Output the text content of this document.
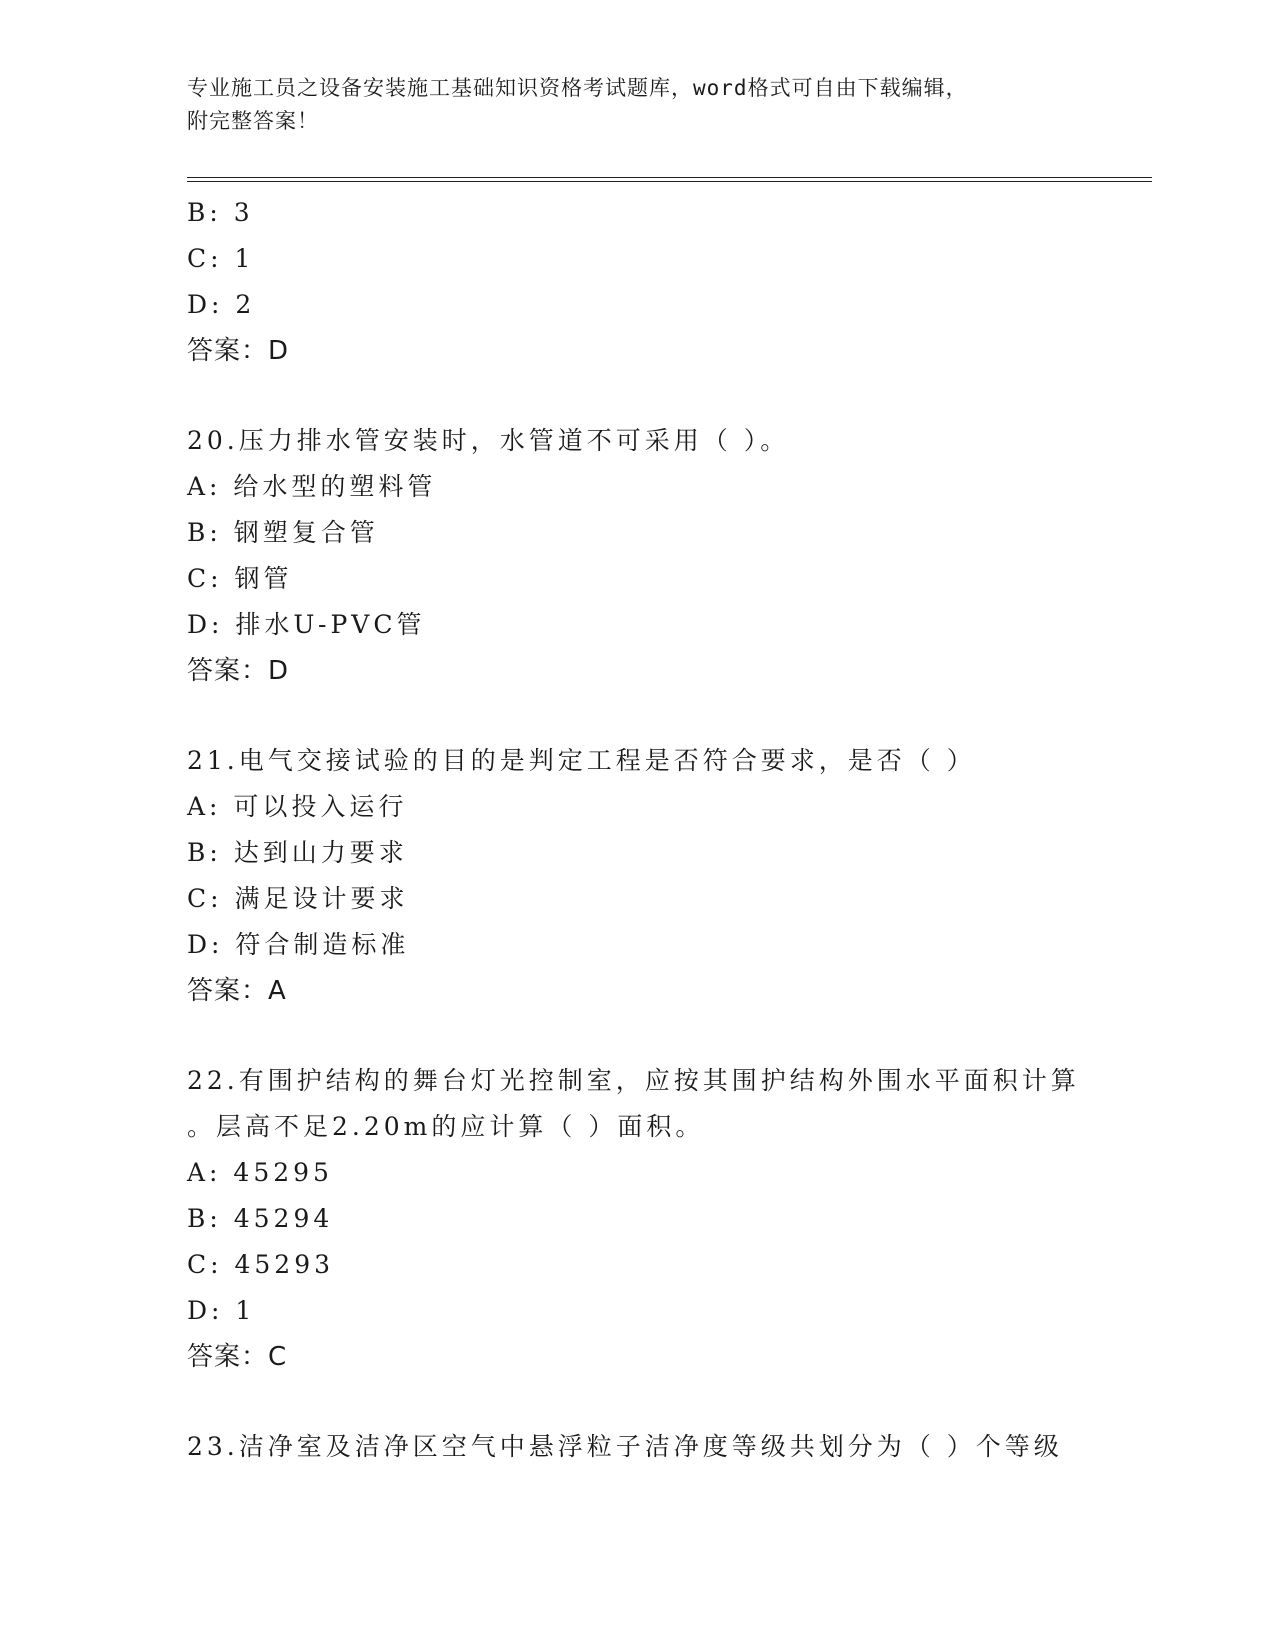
专业施工员之设备安装施工基础知识资格考试题库，word格式可自由下载编辑，
附完整答案！
B: 3
C: 1
D: 2
答案：D
20.压力排水管安装时，水管道不可采用（ ）。
A: 给水型的塑料管
B: 钢塑复合管
C: 钢管
D: 排水U-PVC管
答案：D
21.电气交接试验的目的是判定工程是否符合要求，是否（ ）
A: 可以投入运行
B: 达到山力要求
C: 满足设计要求
D: 符合制造标准
答案：A
22.有围护结构的舞台灯光控制室，应按其围护结构外围水平面积计算
。层高不足2.20m的应计算（ ）面积。
A: 45295
B: 45294
C: 45293
D: 1
答案：C
23.洁净室及洁净区空气中悬浮粒子洁净度等级共划分为（ ）个等级
